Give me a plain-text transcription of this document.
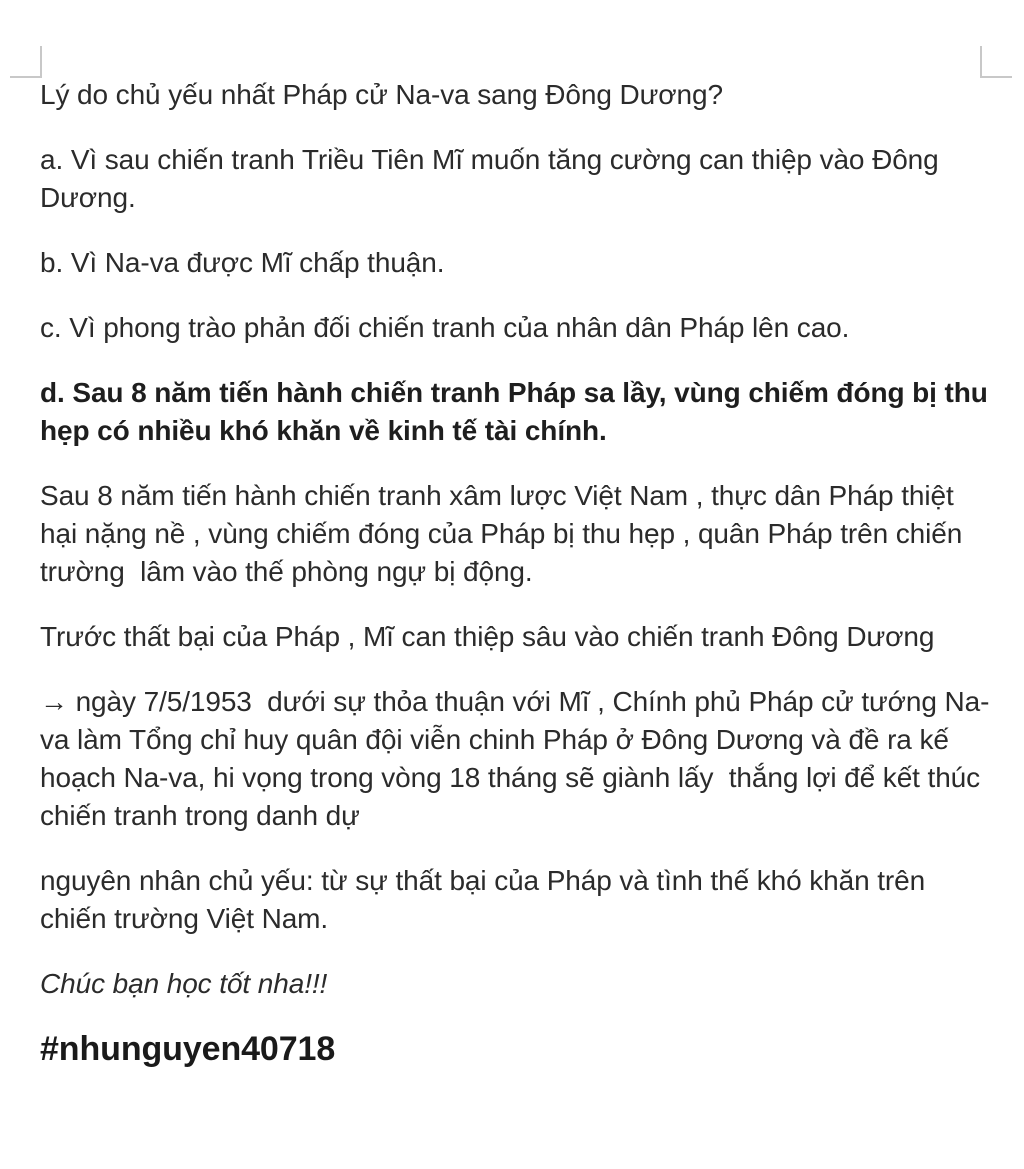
Lý do chủ yếu nhất Pháp cử Na-va sang Đông Dương?

a. Vì sau chiến tranh Triều Tiên Mĩ muốn tăng cường can thiệp vào Đông Dương.

b. Vì Na-va được Mĩ chấp thuận.

c. Vì phong trào phản đối chiến tranh của nhân dân Pháp lên cao.

d. Sau 8 năm tiến hành chiến tranh Pháp sa lầy, vùng chiếm đóng bị thu hẹp có nhiều khó khăn về kinh tế tài chính.

Sau 8 năm tiến hành chiến tranh xâm lược Việt Nam , thực dân Pháp thiệt hại nặng nề , vùng chiếm đóng của Pháp bị thu hẹp , quân Pháp trên chiến trường  lâm vào thế phòng ngự bị động.

Trước thất bại của Pháp , Mĩ can thiệp sâu vào chiến tranh Đông Dương

→ ngày 7/5/1953  dưới sự thỏa thuận với Mĩ , Chính phủ Pháp cử tướng Na-va làm Tổng chỉ huy quân đội viễn chinh Pháp ở Đông Dương và đề ra kế hoạch Na-va, hi vọng trong vòng 18 tháng sẽ giành lấy  thắng lợi để kết thúc chiến tranh trong danh dự

nguyên nhân chủ yếu: từ sự thất bại của Pháp và tình thế khó khăn trên chiến trường Việt Nam.

Chúc bạn học tốt nha!!!

#nhunguyen40718
